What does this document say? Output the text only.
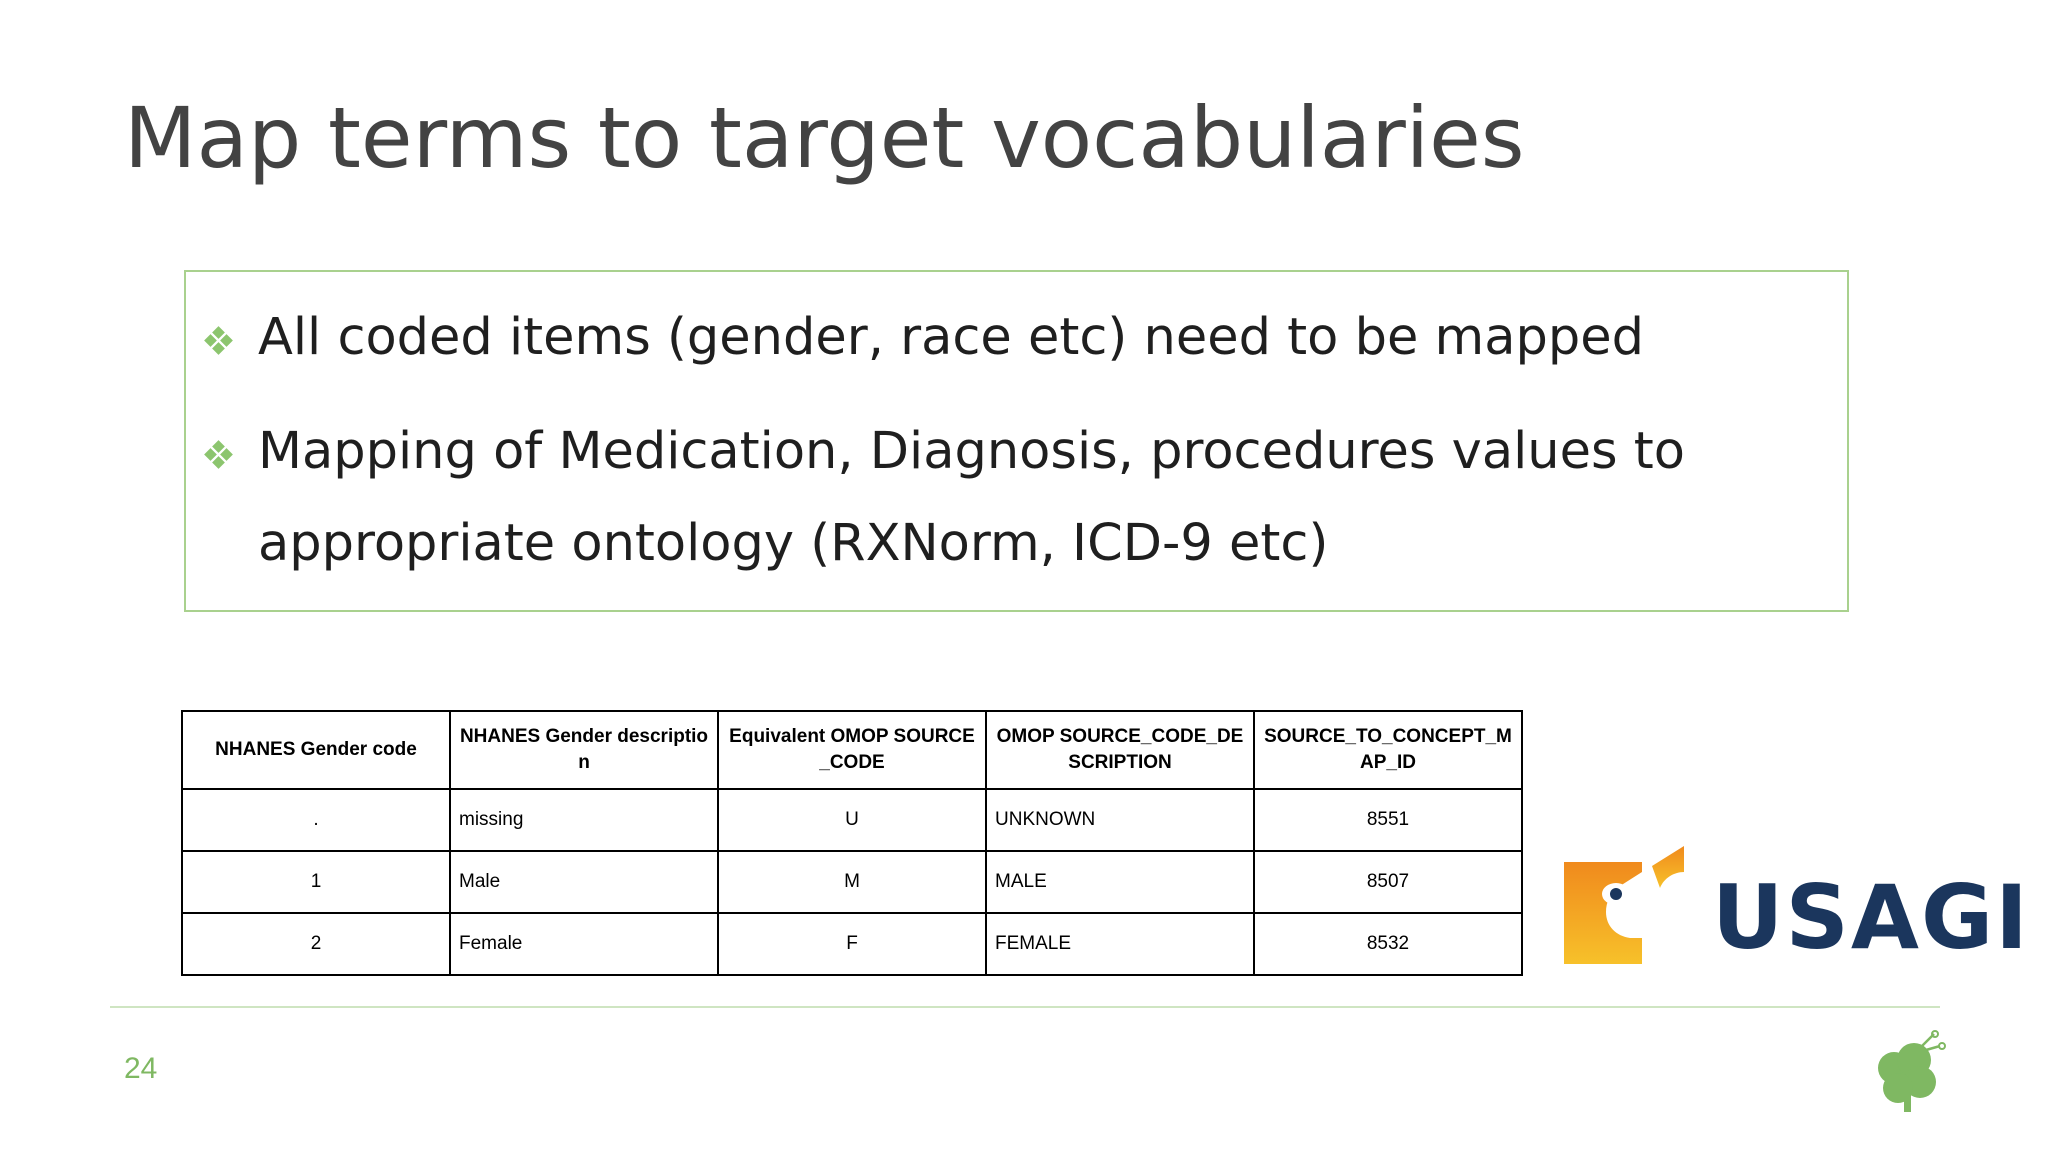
Map terms to target vocabularies
All coded items (gender, race etc) need to be mapped
Mapping of Medication, Diagnosis, procedures values to appropriate ontology (RXNorm, ICD-9 etc)
NHANES Gender code	NHANES Gender description	Equivalent OMOP SOURCE_CODE	OMOP SOURCE_CODE_DESCRIPTION	SOURCE_TO_CONCEPT_MAP_ID
.	missing	U	UNKNOWN	8551
1	Male	M	MALE	8507
2	Female	F	FEMALE	8532	USAGI
24
